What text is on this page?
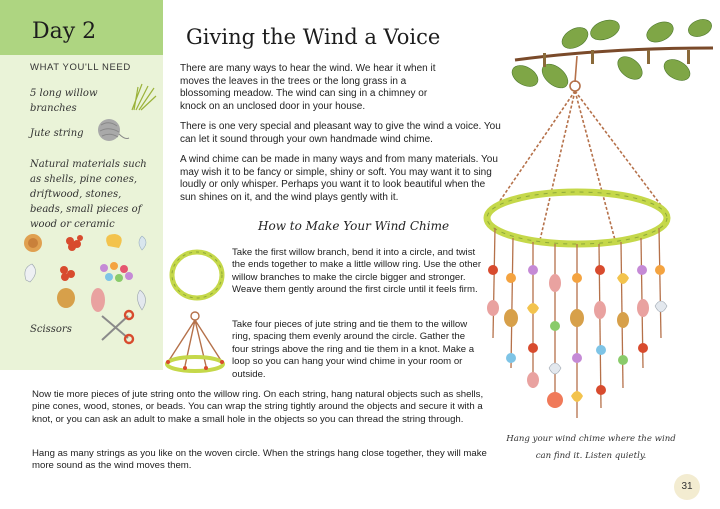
Day 2
WHAT YOU'LL NEED
5 long willow branches
Jute string
Natural materials such as shells, pine cones, driftwood, stones, beads, small pieces of wood or ceramic
Scissors
Giving the Wind a Voice

There are many ways to hear the wind. We hear it when it moves the leaves in the trees or the long grass in a blossoming meadow. The wind can sing in a chimney or knock on an unclosed door in your house.

There is one very special and pleasant way to give the wind a voice. You can let it sound through your own handmade wind chime.

A wind chime can be made in many ways and from many materials. You may wish it to be fancy or simple, shiny or soft. You may want it to sing loudly or only whisper. Perhaps you want it to look beautiful when the sun shines on it, and the wind plays gently with it.

How to Make Your Wind Chime

Take the first willow branch, bend it into a circle, and twist the ends together to make a little willow ring. Use the other willow branches to make the circle bigger and stronger. Weave them gently around the first circle until it feels firm.

Take four pieces of jute string and tie them to the willow ring, spacing them evenly around the circle. Gather the four strings above the ring and tie them in a knot. Make a loop so you can hang your wind chime in your room or outside.

Now tie more pieces of jute string onto the willow ring. On each string, hang natural objects such as shells, pine cones, wood, stones, or beads. You can wrap the string tightly around the objects and secure it with a knot, or you can ask an adult to make a small hole in the objects so you can thread the string through.

Hang as many strings as you like on the woven circle. When the strings hang close together, they will make more sound as the wind moves them.

Hang your wind chime where the wind can find it. Listen quietly.
31
